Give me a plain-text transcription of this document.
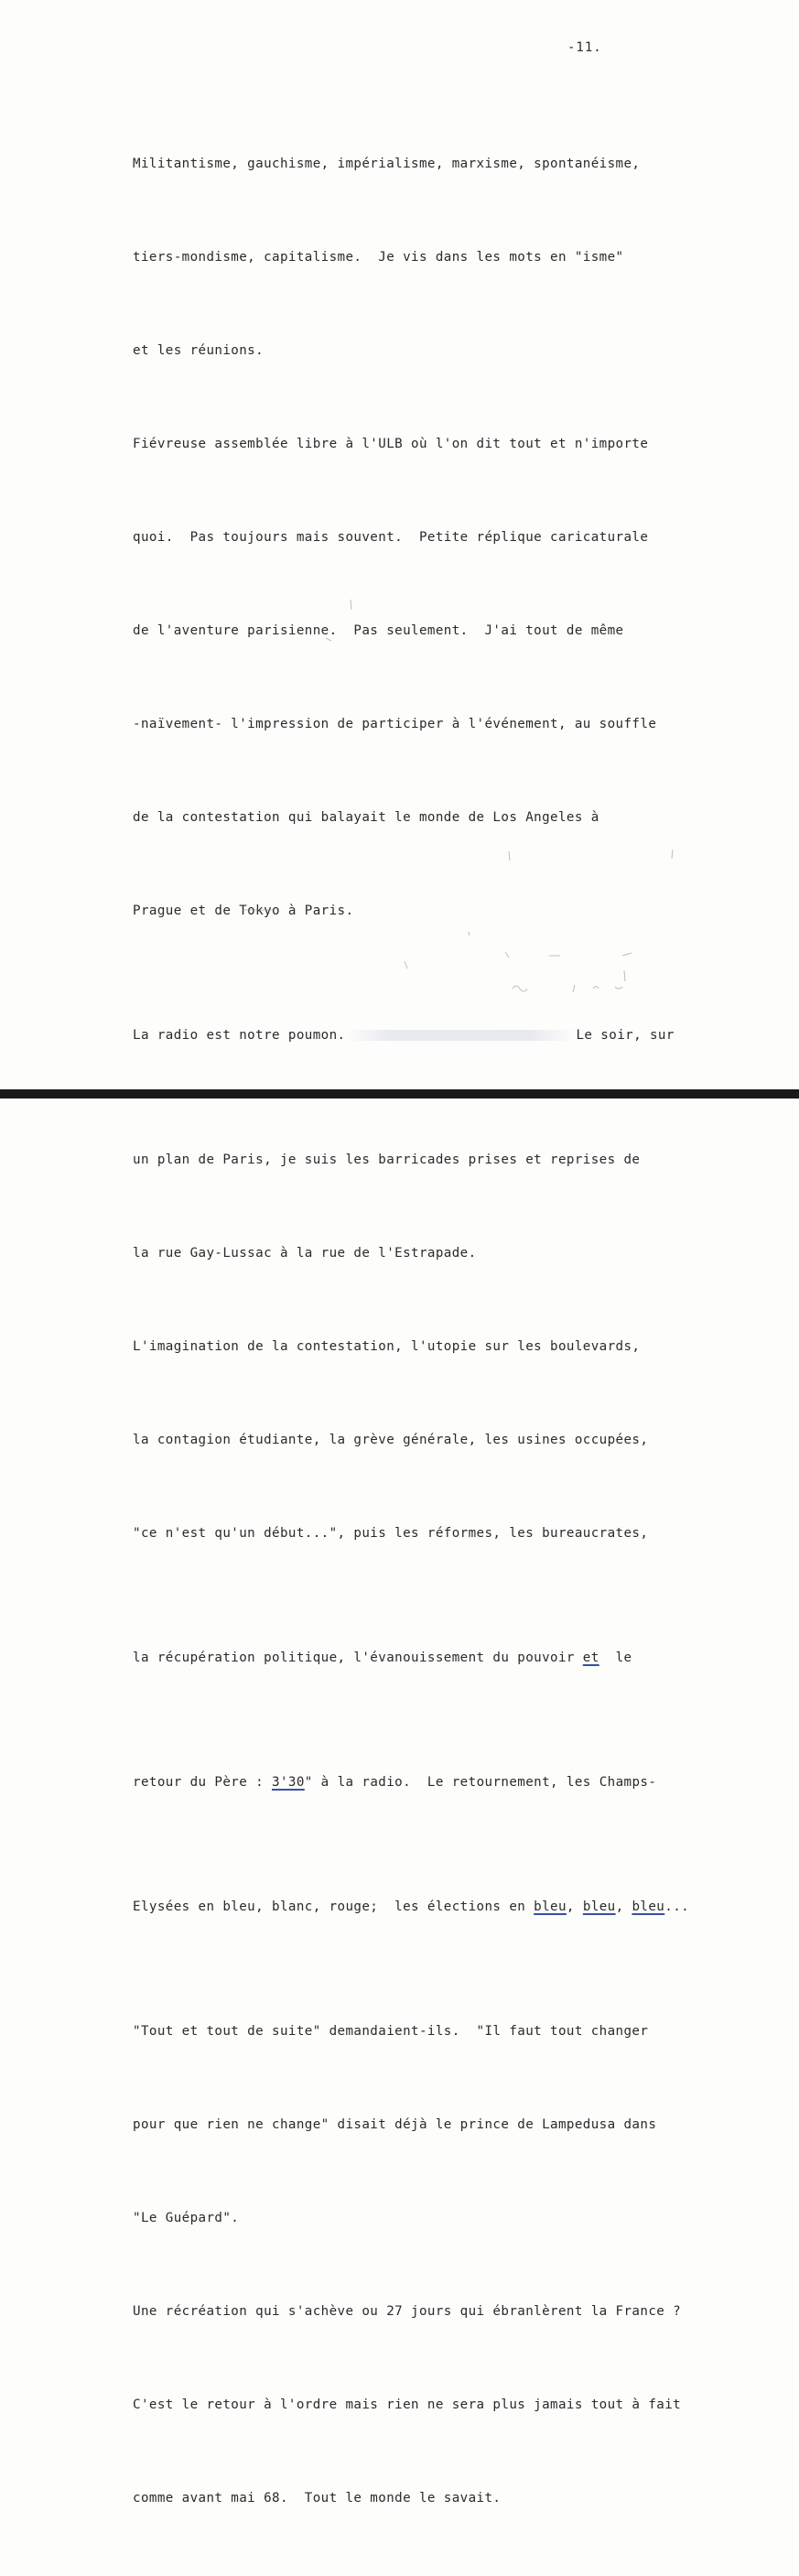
-11.

Militantisme, gauchisme, impérialisme, marxisme, spontanéisme,

tiers-mondisme, capitalisme.  Je vis dans les mots en "isme"

et les réunions.

Fiévreuse assemblée libre à l'ULB où l'on dit tout et n'importe

quoi.  Pas toujours mais souvent.  Petite réplique caricaturale

de l'aventure parisienne.  Pas seulement.  J'ai tout de même

-naïvement- l'impression de participer à l'événement, au souffle

de la contestation qui balayait le monde de Los Angeles à

Prague et de Tokyo à Paris.

La radio est notre poumon.	Le soir, sur

un plan de Paris, je suis les barricades prises et reprises de

la rue Gay-Lussac à la rue de l'Estrapade.

L'imagination de la contestation, l'utopie sur les boulevards,

la contagion étudiante, la grève générale, les usines occupées,

"ce n'est qu'un début...", puis les réformes, les bureaucrates,

la récupération politique, l'évanouissement du pouvoir et  le

retour du Père : 3'30" à la radio.  Le retournement, les Champs-

Elysées en bleu, blanc, rouge;  les élections en bleu, bleu, bleu...

"Tout et tout de suite" demandaient-ils.  "Il faut tout changer

pour que rien ne change" disait déjà le prince de Lampedusa dans

"Le Guépard".

Une récréation qui s'achève ou 27 jours qui ébranlèrent la France ?

C'est le retour à l'ordre mais rien ne sera plus jamais tout à fait

comme avant mai 68.  Tout le monde le savait.
